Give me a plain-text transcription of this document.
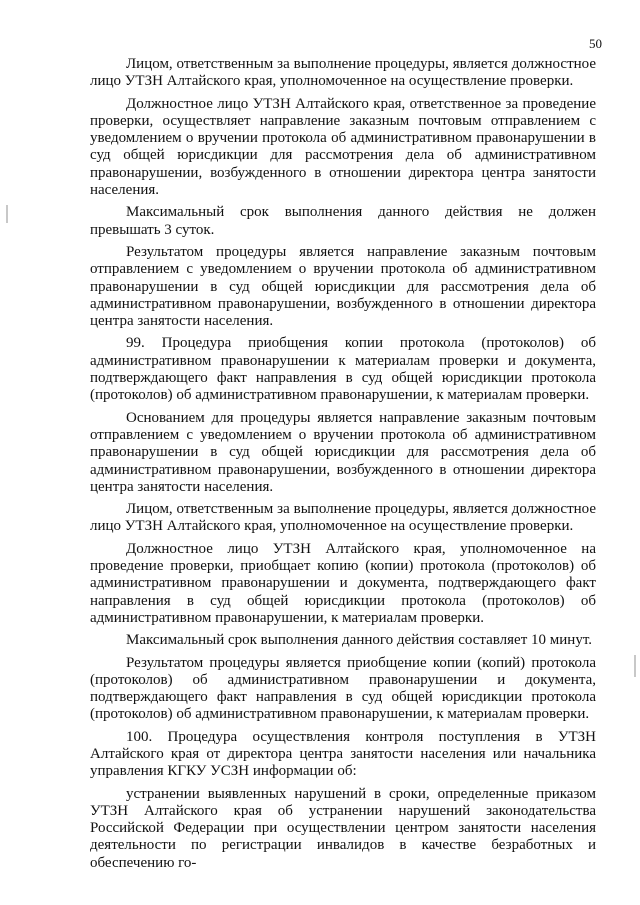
50

Лицом, ответственным за выполнение процедуры, является должностное лицо УТЗН Алтайского края, уполномоченное на осуществление проверки.

Должностное лицо УТЗН Алтайского края, ответственное за проведение проверки, осуществляет направление заказным почтовым отправлением с уведомлением о вручении протокола об административном правонарушении в суд общей юрисдикции для рассмотрения дела об административном правонарушении, возбужденного в отношении директора центра занятости населения.

Максимальный срок выполнения данного действия не должен превышать 3 суток.

Результатом процедуры является направление заказным почтовым отправлением с уведомлением о вручении протокола об административном правонарушении в суд общей юрисдикции для рассмотрения дела об административном правонарушении, возбужденного в отношении директора центра занятости населения.

99. Процедура приобщения копии протокола (протоколов) об административном правонарушении к материалам проверки и документа, подтверждающего факт направления в суд общей юрисдикции протокола (протоколов) об административном правонарушении, к материалам проверки.

Основанием для процедуры является направление заказным почтовым отправлением с уведомлением о вручении протокола об административном правонарушении в суд общей юрисдикции для рассмотрения дела об административном правонарушении, возбужденного в отношении директора центра занятости населения.

Лицом, ответственным за выполнение процедуры, является должностное лицо УТЗН Алтайского края, уполномоченное на осуществление проверки.

Должностное лицо УТЗН Алтайского края, уполномоченное на проведение проверки, приобщает копию (копии) протокола (протоколов) об административном правонарушении и документа, подтверждающего факт направления в суд общей юрисдикции протокола (протоколов) об административном правонарушении, к материалам проверки.

Максимальный срок выполнения данного действия составляет 10 минут.

Результатом процедуры является приобщение копии (копий) протокола (протоколов) об административном правонарушении и документа, подтверждающего факт направления в суд общей юрисдикции протокола (протоколов) об административном правонарушении, к материалам проверки.

100. Процедура осуществления контроля поступления в УТЗН Алтайского края от директора центра занятости населения или начальника управления КГКУ УСЗН информации об:

устранении выявленных нарушений в сроки, определенные приказом УТЗН Алтайского края об устранении нарушений законодательства Российской Федерации при осуществлении центром занятости населения деятельности по регистрации инвалидов в качестве безработных и обеспечению го-
